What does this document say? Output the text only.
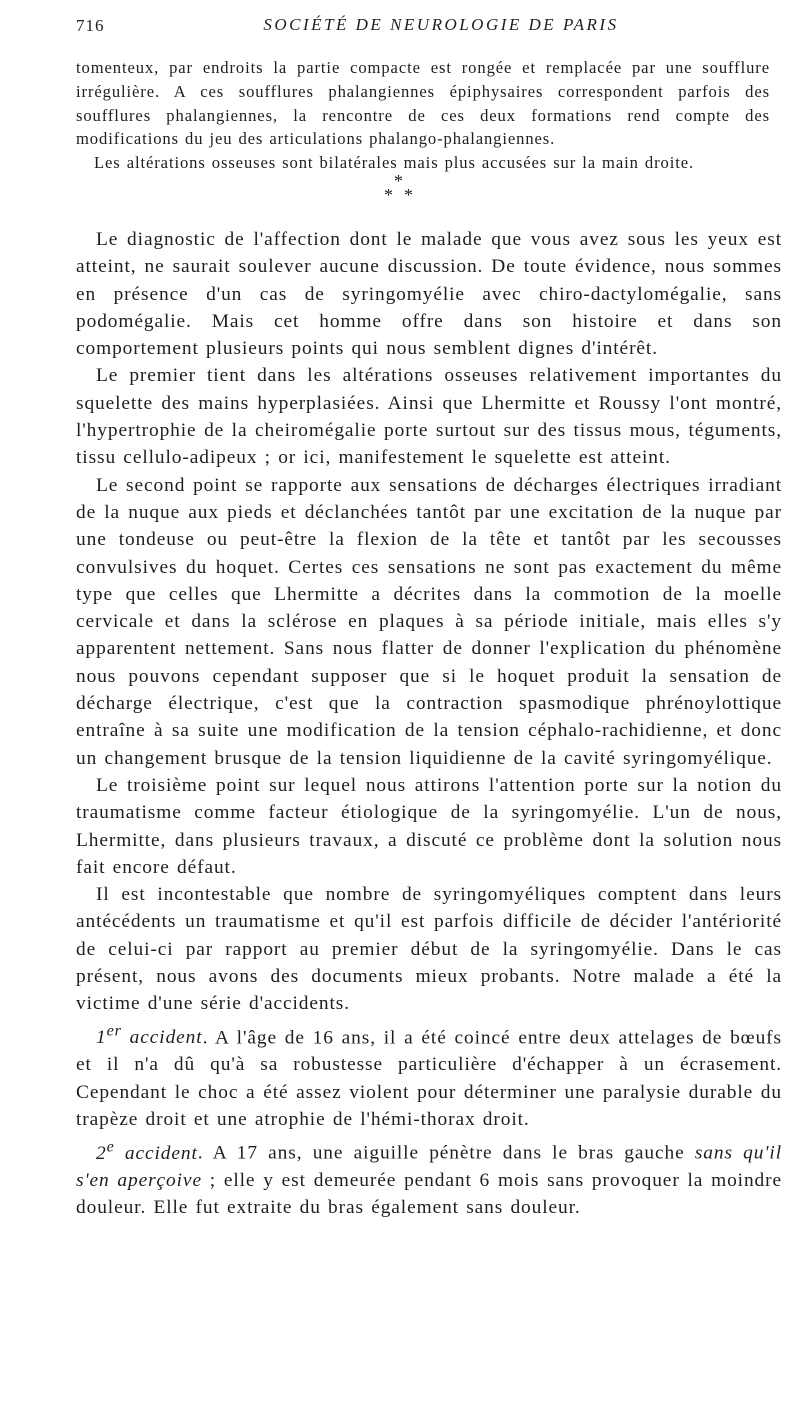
716	SOCIÉTÉ DE NEUROLOGIE DE PARIS

tomenteux, par endroits la partie compacte est rongée et remplacée par une soufflure irrégulière. A ces soufflures phalangiennes épiphysaires correspondent parfois des soufflures phalangiennes, la rencontre de ces deux formations rend compte des modifications du jeu des articulations phalango-phalangiennes.

Les altérations osseuses sont bilatérales mais plus accusées sur la main droite.

*
* *

Le diagnostic de l'affection dont le malade que vous avez sous les yeux est atteint, ne saurait soulever aucune discussion. De toute évidence, nous sommes en présence d'un cas de syringomyélie avec chiro-dactylomégalie, sans podomégalie. Mais cet homme offre dans son histoire et dans son comportement plusieurs points qui nous semblent dignes d'intérêt.

Le premier tient dans les altérations osseuses relativement importantes du squelette des mains hyperplasiées. Ainsi que Lhermitte et Roussy l'ont montré, l'hypertrophie de la cheiromégalie porte surtout sur des tissus mous, téguments, tissu cellulo-adipeux ; or ici, manifestement le squelette est atteint.

Le second point se rapporte aux sensations de décharges électriques irradiant de la nuque aux pieds et déclanchées tantôt par une excitation de la nuque par une tondeuse ou peut-être la flexion de la tête et tantôt par les secousses convulsives du hoquet. Certes ces sensations ne sont pas exactement du même type que celles que Lhermitte a décrites dans la commotion de la moelle cervicale et dans la sclérose en plaques à sa période initiale, mais elles s'y apparentent nettement. Sans nous flatter de donner l'explication du phénomène nous pouvons cependant supposer que si le hoquet produit la sensation de décharge électrique, c'est que la contraction spasmodique phrénoylottique entraîne à sa suite une modification de la tension céphalo-rachidienne, et donc un changement brusque de la tension liquidienne de la cavité syringomyélique.

Le troisième point sur lequel nous attirons l'attention porte sur la notion du traumatisme comme facteur étiologique de la syringomyélie. L'un de nous, Lhermitte, dans plusieurs travaux, a discuté ce problème dont la solution nous fait encore défaut.

Il est incontestable que nombre de syringomyéliques comptent dans leurs antécédents un traumatisme et qu'il est parfois difficile de décider l'antériorité de celui-ci par rapport au premier début de la syringomyélie. Dans le cas présent, nous avons des documents mieux probants. Notre malade a été la victime d'une série d'accidents.

1er accident. A l'âge de 16 ans, il a été coincé entre deux attelages de bœufs et il n'a dû qu'à sa robustesse particulière d'échapper à un écrasement. Cependant le choc a été assez violent pour déterminer une paralysie durable du trapèze droit et une atrophie de l'hémi-thorax droit.

2e accident. A 17 ans, une aiguille pénètre dans le bras gauche sans qu'il s'en aperçoive ; elle y est demeurée pendant 6 mois sans provoquer la moindre douleur. Elle fut extraite du bras également sans douleur.
